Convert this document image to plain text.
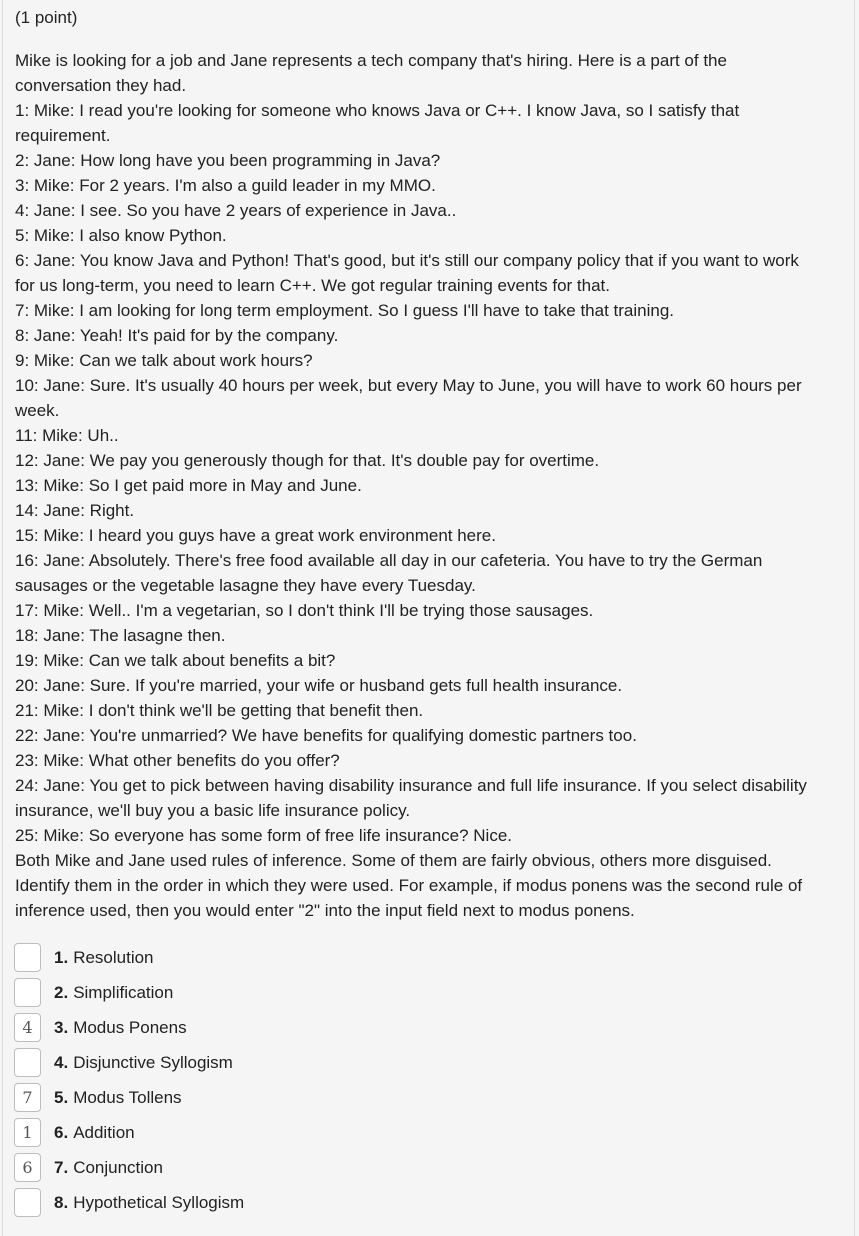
(1 point)
Mike is looking for a job and Jane represents a tech company that's hiring. Here is a part of the
conversation they had.
1: Mike: I read you're looking for someone who knows Java or C++. I know Java, so I satisfy that
requirement.
2: Jane: How long have you been programming in Java?
3: Mike: For 2 years. I'm also a guild leader in my MMO.
4: Jane: I see. So you have 2 years of experience in Java..
5: Mike: I also know Python.
6: Jane: You know Java and Python! That's good, but it's still our company policy that if you want to work
for us long-term, you need to learn C++. We got regular training events for that.
7: Mike: I am looking for long term employment. So I guess I'll have to take that training.
8: Jane: Yeah! It's paid for by the company.
9: Mike: Can we talk about work hours?
10: Jane: Sure. It's usually 40 hours per week, but every May to June, you will have to work 60 hours per
week.
11: Mike: Uh..
12: Jane: We pay you generously though for that. It's double pay for overtime.
13: Mike: So I get paid more in May and June.
14: Jane: Right.
15: Mike: I heard you guys have a great work environment here.
16: Jane: Absolutely. There's free food available all day in our cafeteria. You have to try the German
sausages or the vegetable lasagne they have every Tuesday.
17: Mike: Well.. I'm a vegetarian, so I don't think I'll be trying those sausages.
18: Jane: The lasagne then.
19: Mike: Can we talk about benefits a bit?
20: Jane: Sure. If you're married, your wife or husband gets full health insurance.
21: Mike: I don't think we'll be getting that benefit then.
22: Jane: You're unmarried? We have benefits for qualifying domestic partners too.
23: Mike: What other benefits do you offer?
24: Jane: You get to pick between having disability insurance and full life insurance. If you select disability
insurance, we'll buy you a basic life insurance policy.
25: Mike: So everyone has some form of free life insurance? Nice.
Both Mike and Jane used rules of inference. Some of them are fairly obvious, others more disguised.
Identify them in the order in which they were used. For example, if modus ponens was the second rule of
inference used, then you would enter "2" into the input field next to modus ponens.
1. Resolution
2. Simplification
4	3. Modus Ponens
4. Disjunctive Syllogism
7	5. Modus Tollens
1	6. Addition
6	7. Conjunction
8. Hypothetical Syllogism
